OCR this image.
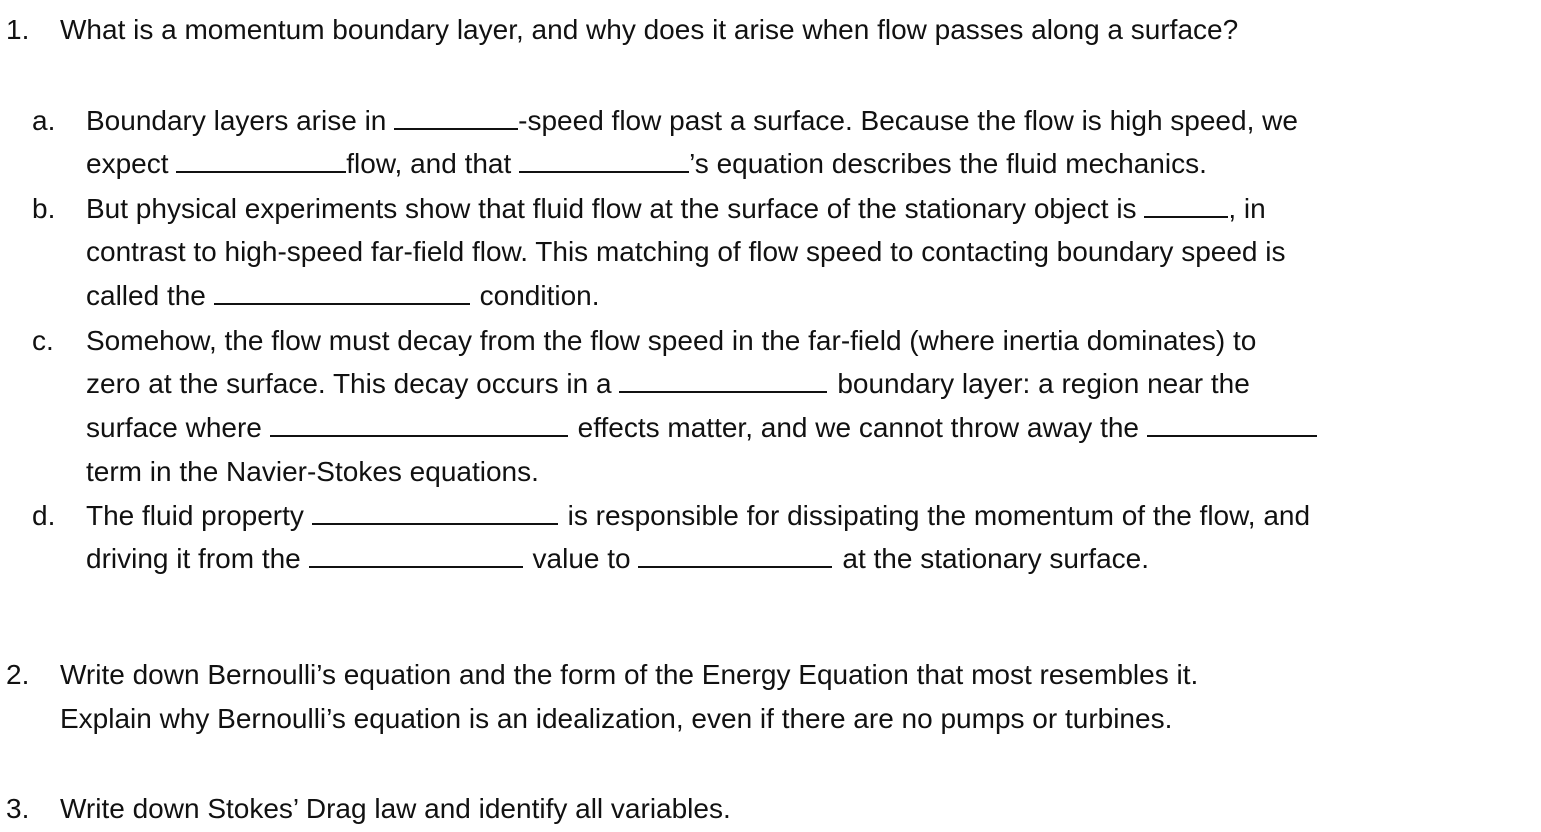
1. What is a momentum boundary layer, and why does it arise when flow passes along a surface?
a. Boundary layers arise in	-speed flow past a surface. Because the flow is high speed, we
expect	flow, and that	’s equation describes the fluid mechanics.
b. But physical experiments show that fluid flow at the surface of the stationary object is	, in
contrast to high-speed far-field flow. This matching of flow speed to contacting boundary speed is
called the	condition.
c. Somehow, the flow must decay from the flow speed in the far-field (where inertia dominates) to
zero at the surface. This decay occurs in a	boundary layer: a region near the
surface where	effects matter, and we cannot throw away the
term in the Navier-Stokes equations.
d. The fluid property	is responsible for dissipating the momentum of the flow, and
driving it from the	value to	at the stationary surface.
2. Write down Bernoulli’s equation and the form of the Energy Equation that most resembles it.
Explain why Bernoulli’s equation is an idealization, even if there are no pumps or turbines.
3. Write down Stokes’ Drag law and identify all variables.
